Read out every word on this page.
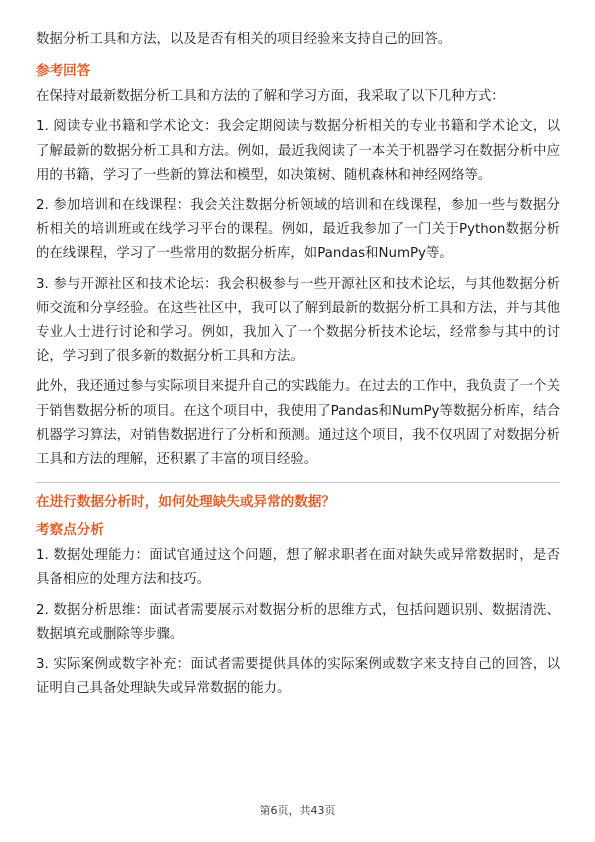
数据分析工具和方法，以及是否有相关的项目经验来支持自己的回答。

参考回答

在保持对最新数据分析工具和方法的了解和学习方面，我采取了以下几种方式：

1. 阅读专业书籍和学术论文：我会定期阅读与数据分析相关的专业书籍和学术论文，以了解最新的数据分析工具和方法。例如，最近我阅读了一本关于机器学习在数据分析中应用的书籍，学习了一些新的算法和模型，如决策树、随机森林和神经网络等。

2. 参加培训和在线课程：我会关注数据分析领域的培训和在线课程，参加一些与数据分析相关的培训班或在线学习平台的课程。例如，最近我参加了一门关于Python数据分析的在线课程，学习了一些常用的数据分析库，如Pandas和NumPy等。

3. 参与开源社区和技术论坛：我会积极参与一些开源社区和技术论坛，与其他数据分析师交流和分享经验。在这些社区中，我可以了解到最新的数据分析工具和方法，并与其他专业人士进行讨论和学习。例如，我加入了一个数据分析技术论坛，经常参与其中的讨论，学习到了很多新的数据分析工具和方法。

此外，我还通过参与实际项目来提升自己的实践能力。在过去的工作中，我负责了一个关于销售数据分析的项目。在这个项目中，我使用了Pandas和NumPy等数据分析库，结合机器学习算法，对销售数据进行了分析和预测。通过这个项目，我不仅巩固了对数据分析工具和方法的理解，还积累了丰富的项目经验。

在进行数据分析时，如何处理缺失或异常的数据？
考察点分析

1. 数据处理能力：面试官通过这个问题，想了解求职者在面对缺失或异常数据时，是否具备相应的处理方法和技巧。

2. 数据分析思维：面试者需要展示对数据分析的思维方式，包括问题识别、数据清洗、数据填充或删除等步骤。

3. 实际案例或数字补充：面试者需要提供具体的实际案例或数字来支持自己的回答，以证明自己具备处理缺失或异常数据的能力。

第6页，共43页
